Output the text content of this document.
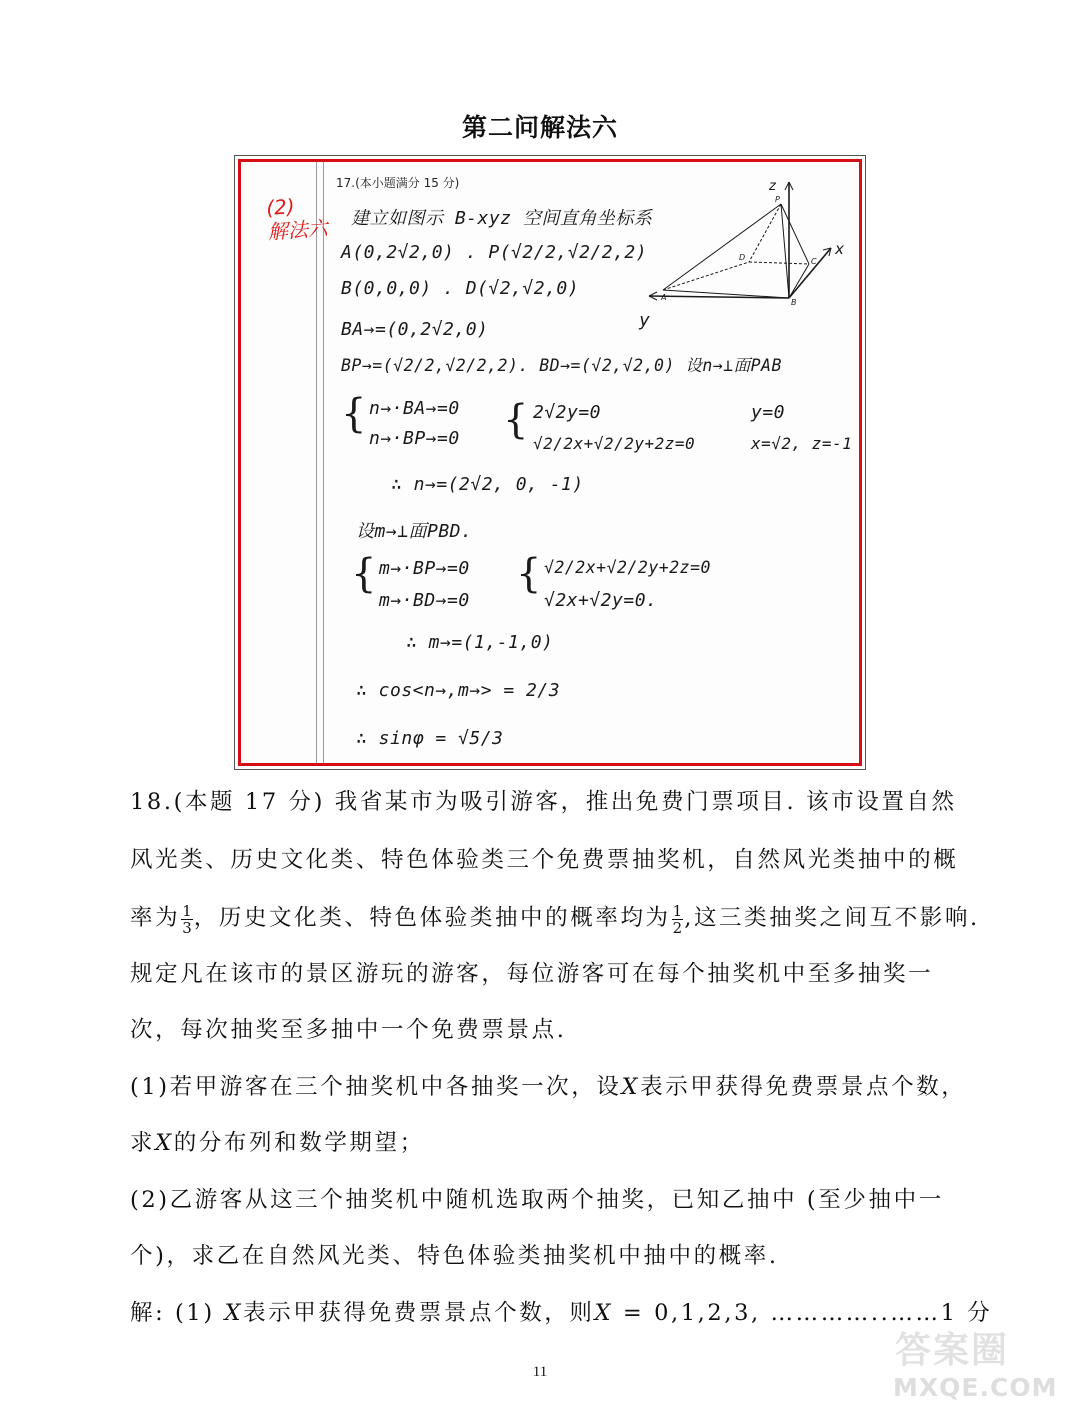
第二问解法六
17.(本小题满分 15 分)
(2)
解法六 建立如图示 B-xyz 空间直角坐标系
A(0,2√2,0) . P(√2/2,√2/2,2)
B(0,0,0) . D(√2,√2,0)
BA→=(0,2√2,0)
BP→=(√2/2,√2/2,2). BD→=(√2,√2,0) 设n→⊥面PAB
{ n→·BA→=0
n→·BP→=0 { 2√2y=0
√2/2x+√2/2y+2z=0
y=0
x=√2, z=-1
∴ n→=(2√2, 0, -1)
设m→⊥面PBD.
{ m→·BP→=0
m→·BD→=0
{ √2/2x+√2/2y+2z=0
√2x+√2y=0.
∴ m→=(1,-1,0)
∴ cos<n→,m→> = 2/3
∴ sinφ = √5/3
z
x
P
D
A
B
C
y
18.(本题 17 分) 我省某市为吸引游客，推出免费门票项目. 该市设置自然
风光类、历史文化类、特色体验类三个免费票抽奖机，自然风光类抽中的概
率为 $\frac{1}{3}$ ，历史文化类、特色体验类抽中的概率均为 $\frac{1}{2}$ ,这三类抽奖之间互不影响.
规定凡在该市的景区游玩的游客，每位游客可在每个抽奖机中至多抽奖一
次，每次抽奖至多抽中一个免费票景点.
(1)若甲游客在三个抽奖机中各抽奖一次，设X表示甲获得免费票景点个数，
求X的分布列和数学期望；
(2)乙游客从这三个抽奖机中随机选取两个抽奖，已知乙抽中 (至少抽中一
个)，求乙在自然风光类、特色体验类抽奖机中抽中的概率.
解: (1) X表示甲获得免费票景点个数，则X = 0,1,2,3, …………..……1 分
11
答案圈
MXQE.COM
